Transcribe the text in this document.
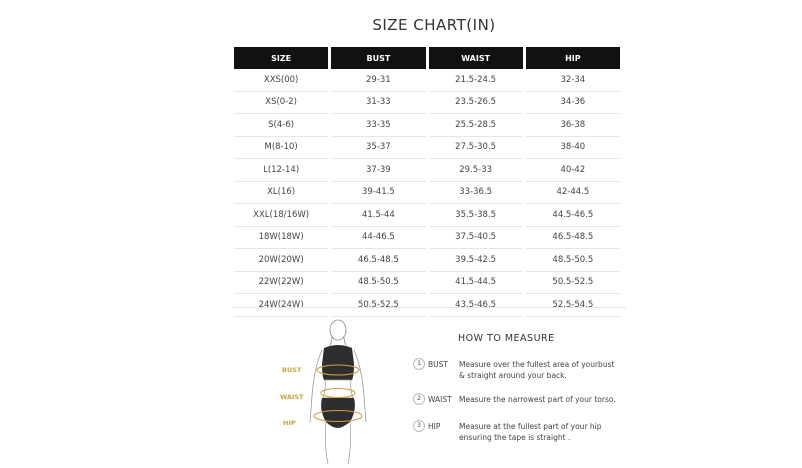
SIZE CHART(IN)
SIZE	BUST	WAIST	HIP
XXS(00)	29-31	21.5-24.5	32-34
XS(0-2)	31-33	23.5-26.5	34-36
S(4-6)	33-35	25.5-28.5	36-38
M(8-10)	35-37	27.5-30.5	38-40
L(12-14)	37-39	29.5-33	40-42
XL(16)	39-41.5	33-36.5	42-44.5
XXL(18/16W)	41.5-44	35.5-38.5	44.5-46.5
18W(18W)	44-46.5	37.5-40.5	46.5-48.5
20W(20W)	46.5-48.5	39.5-42.5	48.5-50.5
22W(22W)	48.5-50.5	41.5-44.5	50.5-52.5
24W(24W)	50.5-52.5	43.5-46.5	52.5-54.5
BUST
WAIST
HIP
HOW TO MEASURE
1 BUST Measure over the fullest area of yourbust
& straight around your back.
2 WAIST Measure the narrowest part of your torso.
3 HIP Measure at the fullest part of your hip
ensuring the tape is straight .
